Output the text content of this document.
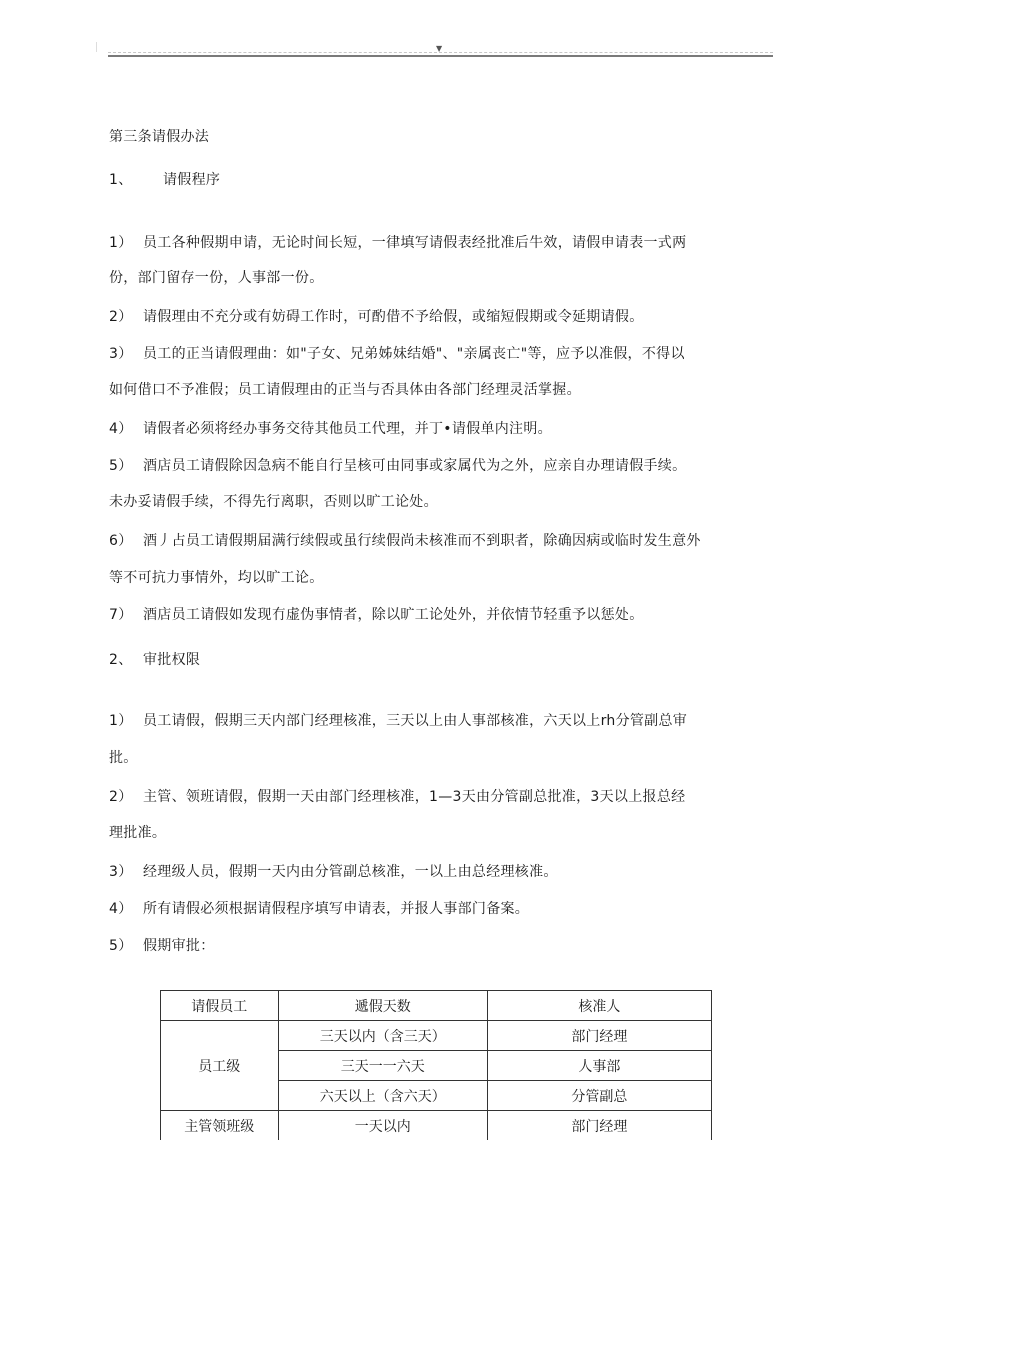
▼
第三条请假办法
1、 请假程序
1） 员工各种假期申请，无论时间长短，一律填写请假表经批准后牛效，请假申请表一式两
份，部门留存一份，人事部一份。
2） 请假理由不充分或有妨碍工作时，可酌借不予给假，或缩短假期或令延期请假。
3） 员工的正当请假理曲：如"子女、兄弟姊妹结婚"、"亲属丧亡"等，应予以准假，不得以
如何借口不予准假；员工请假理由的正当与否具体由各部门经理灵活掌握。
4） 请假者必须将经办事务交待其他员工代理，并丁•请假单内注明。
5） 酒店员工请假除因急病不能自行呈核可由同事或家属代为之外，应亲自办理请假手续。
未办妥请假手续，不得先行离职，否则以旷工论处。
6） 酒丿占员工请假期届满行续假或虽行续假尚未核准而不到职者，除确因病或临时发生意外
等不可抗力事情外，均以旷工论。
7） 酒店员工请假如发现冇虚伪事情者，除以旷工论处外，并依情节轻重予以惩处。
2、 审批权限
1） 员工请假，假期三天内部门经理核准，三天以上由人事部核准，六天以上rh分管副总审
批。
2） 主管、领班请假，假期一天由部门经理核准，1—3天由分管副总批准，3天以上报总经
理批准。
3） 经理级人员，假期一天内由分管副总核准，一以上由总经理核准。
4） 所有请假必须根据请假程序填写申请表，并报人事部门备案。
5） 假期审批：
请假员工	遞假天数	核准人
员工级	三天以内（含三天）	部门经理
	三天一一六天	人事部
	六天以上（含六天）	分管副总
主管领班级	一天以内	部门经理
